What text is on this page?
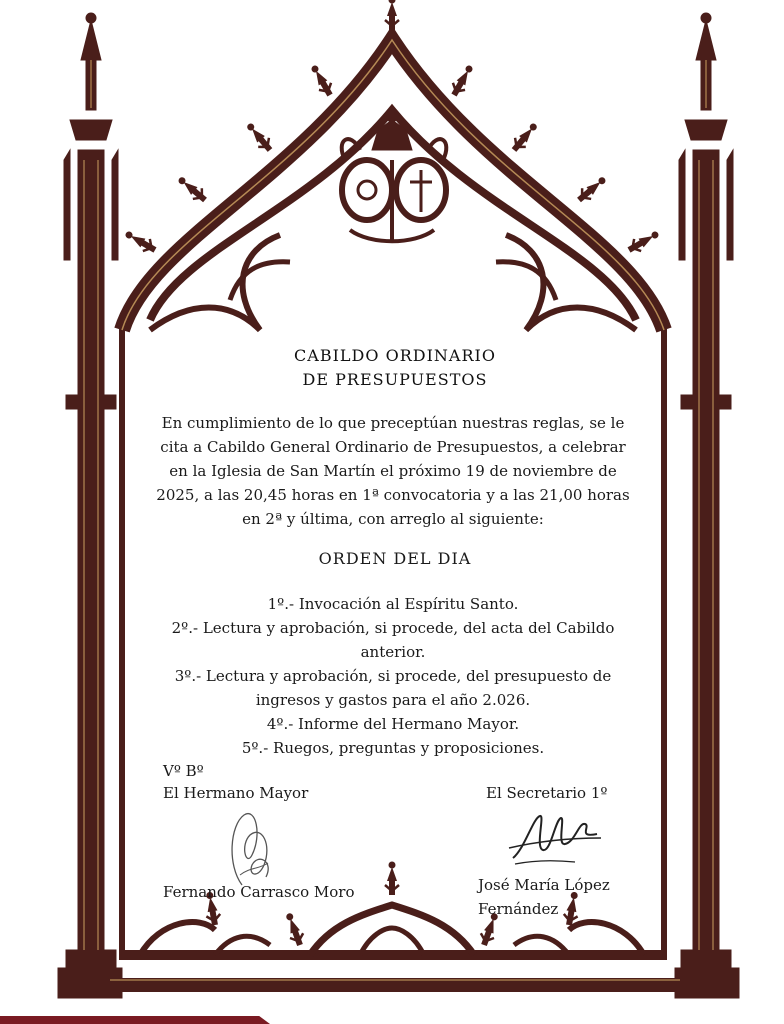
CABILDO ORDINARIO
DE PRESUPUESTOS
En cumplimiento de lo que preceptúan nuestras reglas, se le
cita a Cabildo General Ordinario de Presupuestos, a celebrar
en la Iglesia de San Martín el próximo 19 de noviembre de
2025, a las 20,45 horas en 1ª convocatoria y a las 21,00 horas
en 2ª y última, con arreglo al siguiente:
ORDEN DEL DIA
1º.- Invocación al Espíritu Santo.
2º.- Lectura y aprobación, si procede, del acta del Cabildo
anterior.
3º.- Lectura y aprobación, si procede, del presupuesto de
ingresos y gastos para el año 2.026.
4º.- Informe del Hermano Mayor.
5º.- Ruegos, preguntas y proposiciones.
Vº Bº
El Hermano Mayor	El Secretario 1º
Fernando Carrasco Moro	José María López
Fernández
